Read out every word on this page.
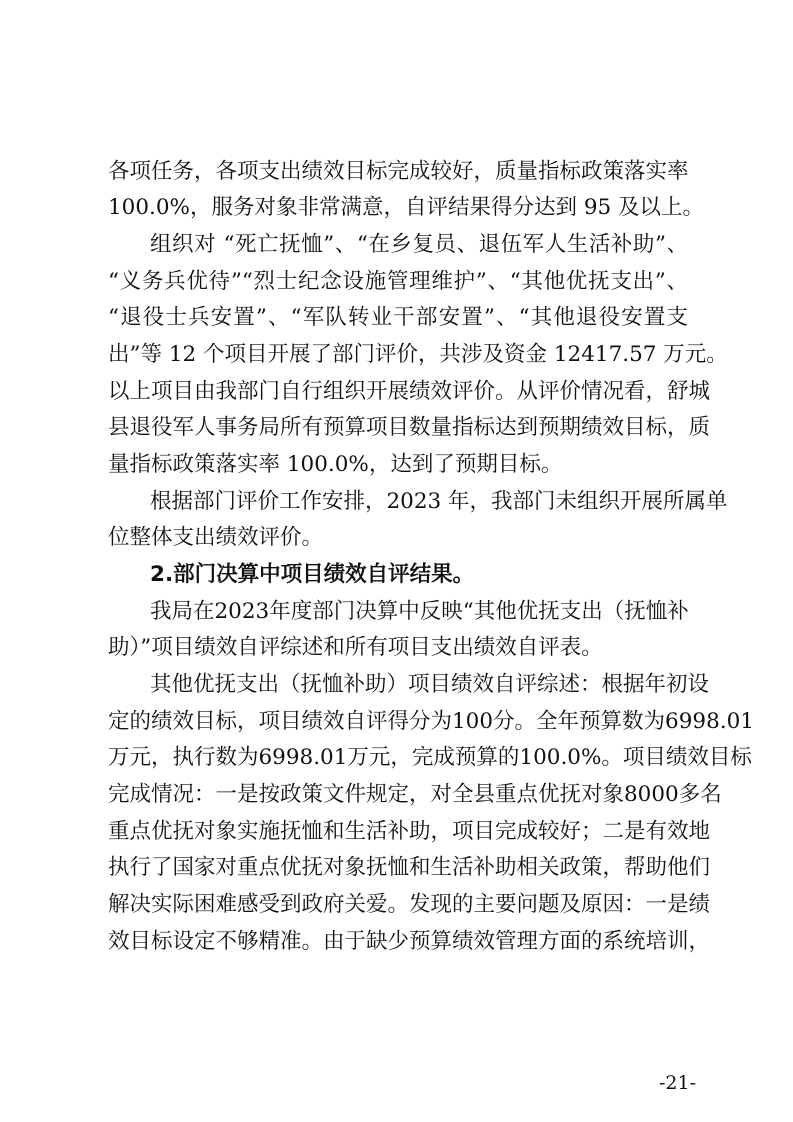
各项任务，各项支出绩效目标完成较好，质量指标政策落实率
100.0%，服务对象非常满意，自评结果得分达到 95 及以上。
组织对 “死亡抚恤”、“在乡复员、退伍军人生活补助”、
“义务兵优待”“烈士纪念设施管理维护”、“其他优抚支出”、
“退役士兵安置”、“军队转业干部安置”、“其他退役安置支
出”等 12 个项目开展了部门评价，共涉及资金 12417.57 万元。
以上项目由我部门自行组织开展绩效评价。从评价情况看，舒城
县退役军人事务局所有预算项目数量指标达到预期绩效目标，质
量指标政策落实率 100.0%，达到了预期目标。
根据部门评价工作安排，2023 年，我部门未组织开展所属单
位整体支出绩效评价。
2.部门决算中项目绩效自评结果。
我局在2023年度部门决算中反映“其他优抚支出（抚恤补
助）”项目绩效自评综述和所有项目支出绩效自评表。
其他优抚支出（抚恤补助）项目绩效自评综述：根据年初设
定的绩效目标，项目绩效自评得分为100分。全年预算数为6998.01
万元，执行数为6998.01万元，完成预算的100.0%。项目绩效目标
完成情况：一是按政策文件规定，对全县重点优抚对象8000多名
重点优抚对象实施抚恤和生活补助，项目完成较好；二是有效地
执行了国家对重点优抚对象抚恤和生活补助相关政策，帮助他们
解决实际困难感受到政府关爱。发现的主要问题及原因：一是绩
效目标设定不够精准。由于缺少预算绩效管理方面的系统培训，
-21-
